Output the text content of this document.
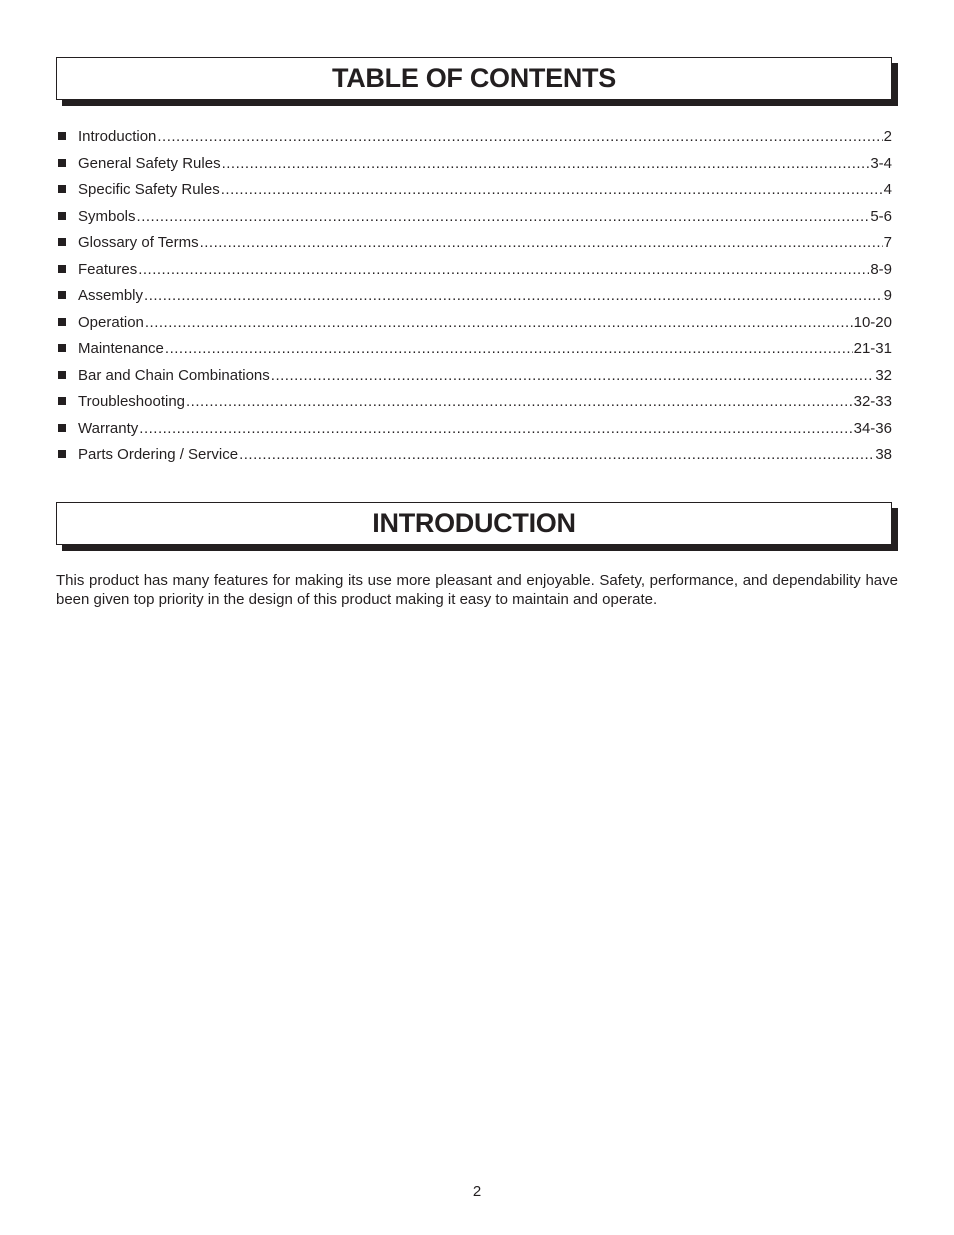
TABLE OF CONTENTS
Introduction .....	2
General Safety Rules .....	3-4
Specific Safety Rules .....	4
Symbols .....	5-6
Glossary of Terms .....	7
Features .....	8-9
Assembly .....	9
Operation .....	10-20
Maintenance .....	21-31
Bar and Chain Combinations .....	32
Troubleshooting .....	32-33
Warranty .....	34-36
Parts Ordering / Service .....	38
INTRODUCTION

This product has many features for making its use more pleasant and enjoyable. Safety, performance, and dependability have been given top priority in the design of this product making it easy to maintain and operate.

2
